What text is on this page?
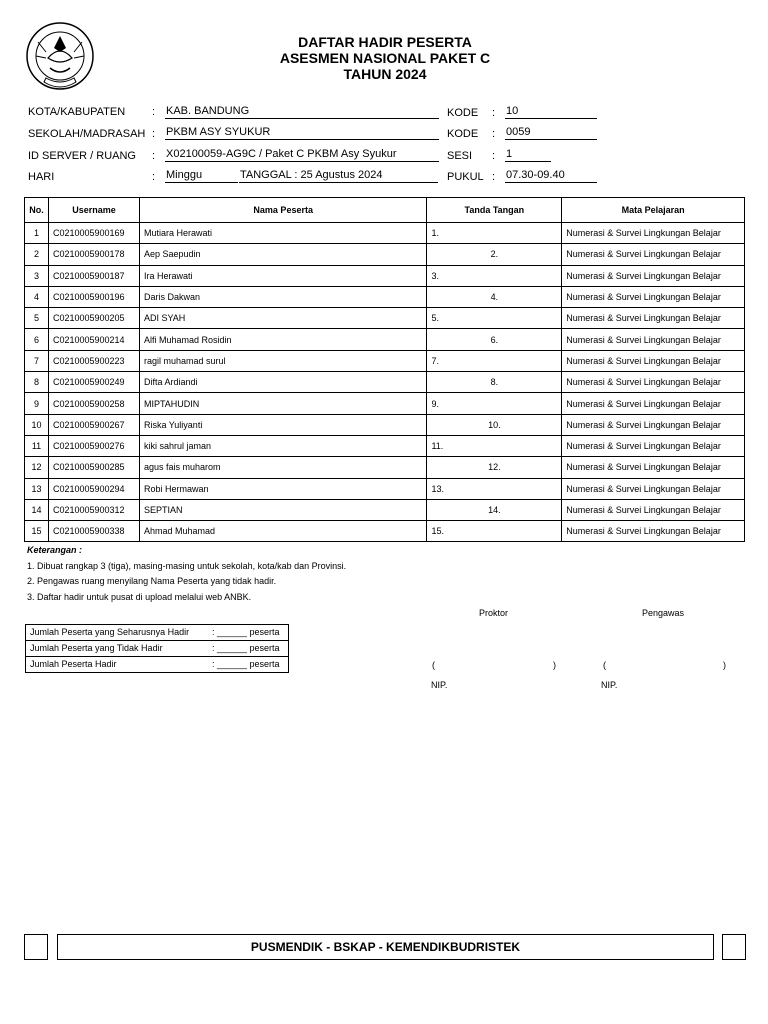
DAFTAR HADIR PESERTA
ASESMEN NASIONAL PAKET C
TAHUN 2024
KOTA/KABUPATEN : KAB. BANDUNG	KODE : 10
SEKOLAH/MADRASAH : PKBM ASY SYUKUR	KODE : 0059
ID SERVER / RUANG : X02100059-AG9C / Paket C PKBM Asy Syukur	SESI : 1
HARI	: Minggu	TANGGAL : 25 Agustus 2024	PUKUL : 07.30-09.40
No.	Username	Nama Peserta	Tanda Tangan	Mata Pelajaran
1	C0210005900169	Mutiara Herawati	1.	Numerasi & Survei Lingkungan Belajar
2	C0210005900178	Aep Saepudin	2.	Numerasi & Survei Lingkungan Belajar
3	C0210005900187	Ira Herawati	3.	Numerasi & Survei Lingkungan Belajar
4	C0210005900196	Daris Dakwan	4.	Numerasi & Survei Lingkungan Belajar
5	C0210005900205	ADI SYAH	5.	Numerasi & Survei Lingkungan Belajar
6	C0210005900214	Alfi Muhamad Rosidin	6.	Numerasi & Survei Lingkungan Belajar
7	C0210005900223	ragil muhamad surul	7.	Numerasi & Survei Lingkungan Belajar
8	C0210005900249	Difta Ardiandi	8.	Numerasi & Survei Lingkungan Belajar
9	C0210005900258	MIPTAHUDIN	9.	Numerasi & Survei Lingkungan Belajar
10	C0210005900267	Riska Yuliyanti	10.	Numerasi & Survei Lingkungan Belajar
11	C0210005900276	kiki sahrul jaman	11.	Numerasi & Survei Lingkungan Belajar
12	C0210005900285	agus fais muharom	12.	Numerasi & Survei Lingkungan Belajar
13	C0210005900294	Robi Hermawan	13.	Numerasi & Survei Lingkungan Belajar
14	C0210005900312	SEPTIAN	14.	Numerasi & Survei Lingkungan Belajar
15	C0210005900338	Ahmad Muhamad	15.	Numerasi & Survei Lingkungan Belajar
Keterangan :
1. Dibuat rangkap 3 (tiga), masing-masing untuk sekolah, kota/kab dan Provinsi.
2. Pengawas ruang menyilang Nama Peserta yang tidak hadir.
3. Daftar hadir untuk pusat di upload melalui web ANBK.
Jumlah Peserta yang Seharusnya Hadir	: ______ peserta
Jumlah Peserta yang Tidak Hadir	: ______ peserta
Jumlah Peserta Hadir	: ______ peserta
Proktor	Pengawas
(	)	(	)
NIP.	NIP.
PUSMENDIK - BSKAP - KEMENDIKBUDRISTEK
